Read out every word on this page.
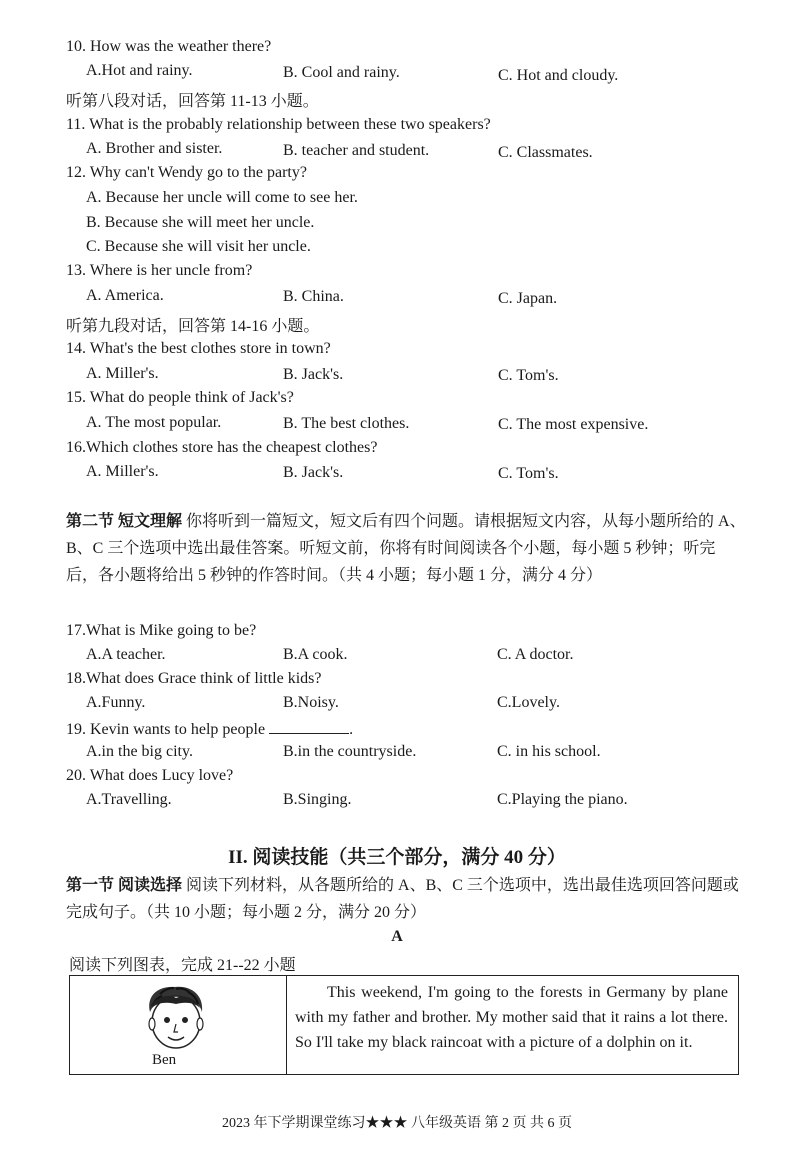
10. How was the weather there?
A.Hot and rainy.	B. Cool and rainy.	C. Hot and cloudy.
听第八段对话，回答第 11-13 小题。
11. What is the probably relationship between these two speakers?
A. Brother and sister.	B. teacher and student.	C. Classmates.
12. Why can't Wendy go to the party?
A. Because her uncle will come to see her.
B. Because she will meet her uncle.
C. Because she will visit her uncle.
13. Where is her uncle from?
A. America.	B. China.	C. Japan.
听第九段对话，回答第 14-16 小题。
14. What's the best clothes store in town?
A. Miller's.	B. Jack's.	C. Tom's.
15. What do people think of Jack's?
A. The most popular.	B. The best clothes.	C. The most expensive.
16.Which clothes store has the cheapest clothes?
A. Miller's.	B. Jack's.	C. Tom's.
第二节 短文理解 你将听到一篇短文，短文后有四个问题。请根据短文内容，从每小题所给的 A、B、C 三个选项中选出最佳答案。听短文前，你将有时间阅读各个小题，每小题 5 秒钟；听完后，各小题将给出 5 秒钟的作答时间。（共 4 小题；每小题 1 分，满分 4 分）
17.What is Mike going to be?
A.A teacher.	B.A cook.	C. A doctor.
18.What does Grace think of little kids?
A.Funny.	B.Noisy.	C.Lovely.
19. Kevin wants to help people	.
A.in the big city.	B.in the countryside.	C. in his school.
20. What does Lucy love?
A.Travelling.	B.Singing.	C.Playing the piano.
II. 阅读技能（共三个部分，满分 40 分）
第一节 阅读选择 阅读下列材料，从各题所给的 A、B、C 三个选项中，选出最佳选项回答问题或完成句子。（共 10 小题；每小题 2 分，满分 20 分）
A
阅读下列图表，完成 21--22 小题
Ben
	This weekend, I'm going to the forests in Germany by plane with my father and brother. My mother said that it rains a lot there. So I'll take my black raincoat with a picture of a dolphin on it.
2023 年下学期课堂练习★★★ 八年级英语 第 2 页 共 6 页
